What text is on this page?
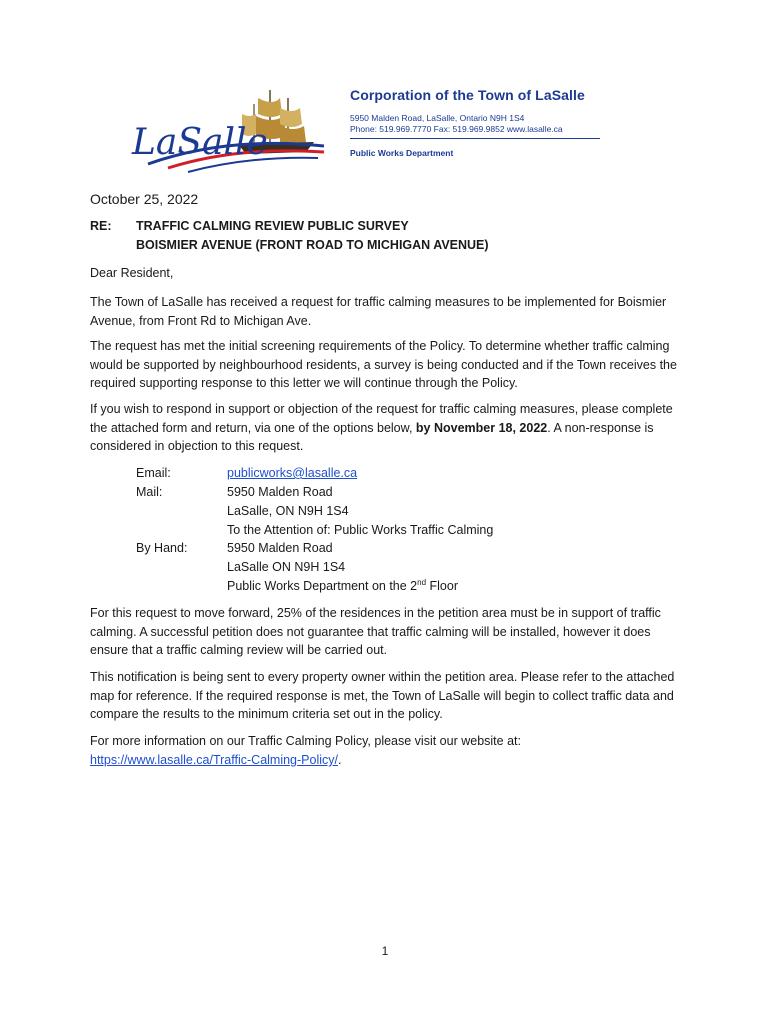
LaSalle
Corporation of the Town of LaSalle
5950 Malden Road, LaSalle, Ontario N9H 1S4
Phone: 519.969.7770 Fax: 519.969.9852 www.lasalle.ca
Public Works Department
October 25, 2022
RE: TRAFFIC CALMING REVIEW PUBLIC SURVEY
BOISMIER AVENUE (FRONT ROAD TO MICHIGAN AVENUE)
Dear Resident,

The Town of LaSalle has received a request for traffic calming measures to be implemented for Boismier Avenue, from Front Rd to Michigan Ave.

The request has met the initial screening requirements of the Policy. To determine whether traffic calming would be supported by neighbourhood residents, a survey is being conducted and if the Town receives the required supporting response to this letter we will continue through the Policy.

If you wish to respond in support or objection of the request for traffic calming measures, please complete the attached form and return, via one of the options below, by November 18, 2022. A non-response is considered in objection to this request.

Email:	publicworks@lasalle.ca
Mail:	5950 Malden Road
LaSalle, ON N9H 1S4
To the Attention of: Public Works Traffic Calming
By Hand:	5950 Malden Road
LaSalle ON N9H 1S4
Public Works Department on the 2nd Floor

For this request to move forward, 25% of the residences in the petition area must be in support of traffic calming. A successful petition does not guarantee that traffic calming will be installed, however it does ensure that a traffic calming review will be carried out.

This notification is being sent to every property owner within the petition area. Please refer to the attached map for reference. If the required response is met, the Town of LaSalle will begin to collect traffic data and compare the results to the minimum criteria set out in the policy.

For more information on our Traffic Calming Policy, please visit our website at:

https://www.lasalle.ca/Traffic-Calming-Policy/.
1
